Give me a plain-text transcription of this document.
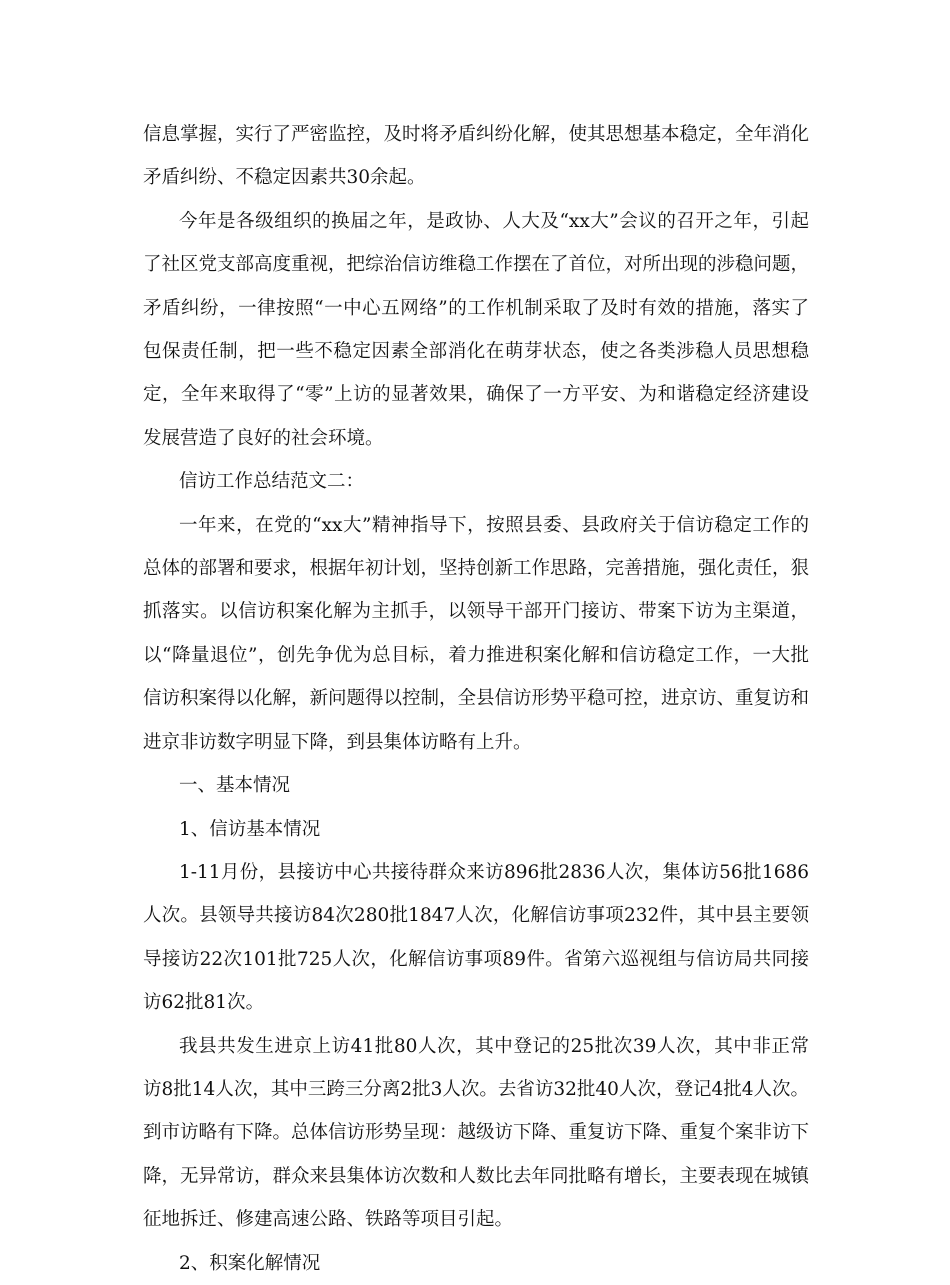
信息掌握，实行了严密监控，及时将矛盾纠纷化解，使其思想基本稳定，全年消化矛盾纠纷、不稳定因素共30余起。

今年是各级组织的换届之年，是政协、人大及“xx大”会议的召开之年，引起了社区党支部高度重视，把综治信访维稳工作摆在了首位，对所出现的涉稳问题，矛盾纠纷，一律按照“一中心五网络”的工作机制采取了及时有效的措施，落实了包保责任制，把一些不稳定因素全部消化在萌芽状态，使之各类涉稳人员思想稳定，全年来取得了“零”上访的显著效果，确保了一方平安、为和谐稳定经济建设发展营造了良好的社会环境。

信访工作总结范文二：

一年来，在党的“xx大”精神指导下，按照县委、县政府关于信访稳定工作的总体的部署和要求，根据年初计划，坚持创新工作思路，完善措施，强化责任，狠抓落实。以信访积案化解为主抓手，以领导干部开门接访、带案下访为主渠道，以“降量退位”，创先争优为总目标，着力推进积案化解和信访稳定工作，一大批信访积案得以化解，新问题得以控制，全县信访形势平稳可控，进京访、重复访和进京非访数字明显下降，到县集体访略有上升。

一、基本情况

1、信访基本情况

1-11月份，县接访中心共接待群众来访896批2836人次，集体访56批1686人次。县领导共接访84次280批1847人次，化解信访事项232件，其中县主要领导接访22次101批725人次，化解信访事项89件。省第六巡视组与信访局共同接访62批81次。

我县共发生进京上访41批80人次，其中登记的25批次39人次，其中非正常访8批14人次，其中三跨三分离2批3人次。去省访32批40人次，登记4批4人次。到市访略有下降。总体信访形势呈现：越级访下降、重复访下降、重复个案非访下降，无异常访，群众来县集体访次数和人数比去年同批略有增长，主要表现在城镇征地拆迁、修建高速公路、铁路等项目引起。

2、积案化解情况
